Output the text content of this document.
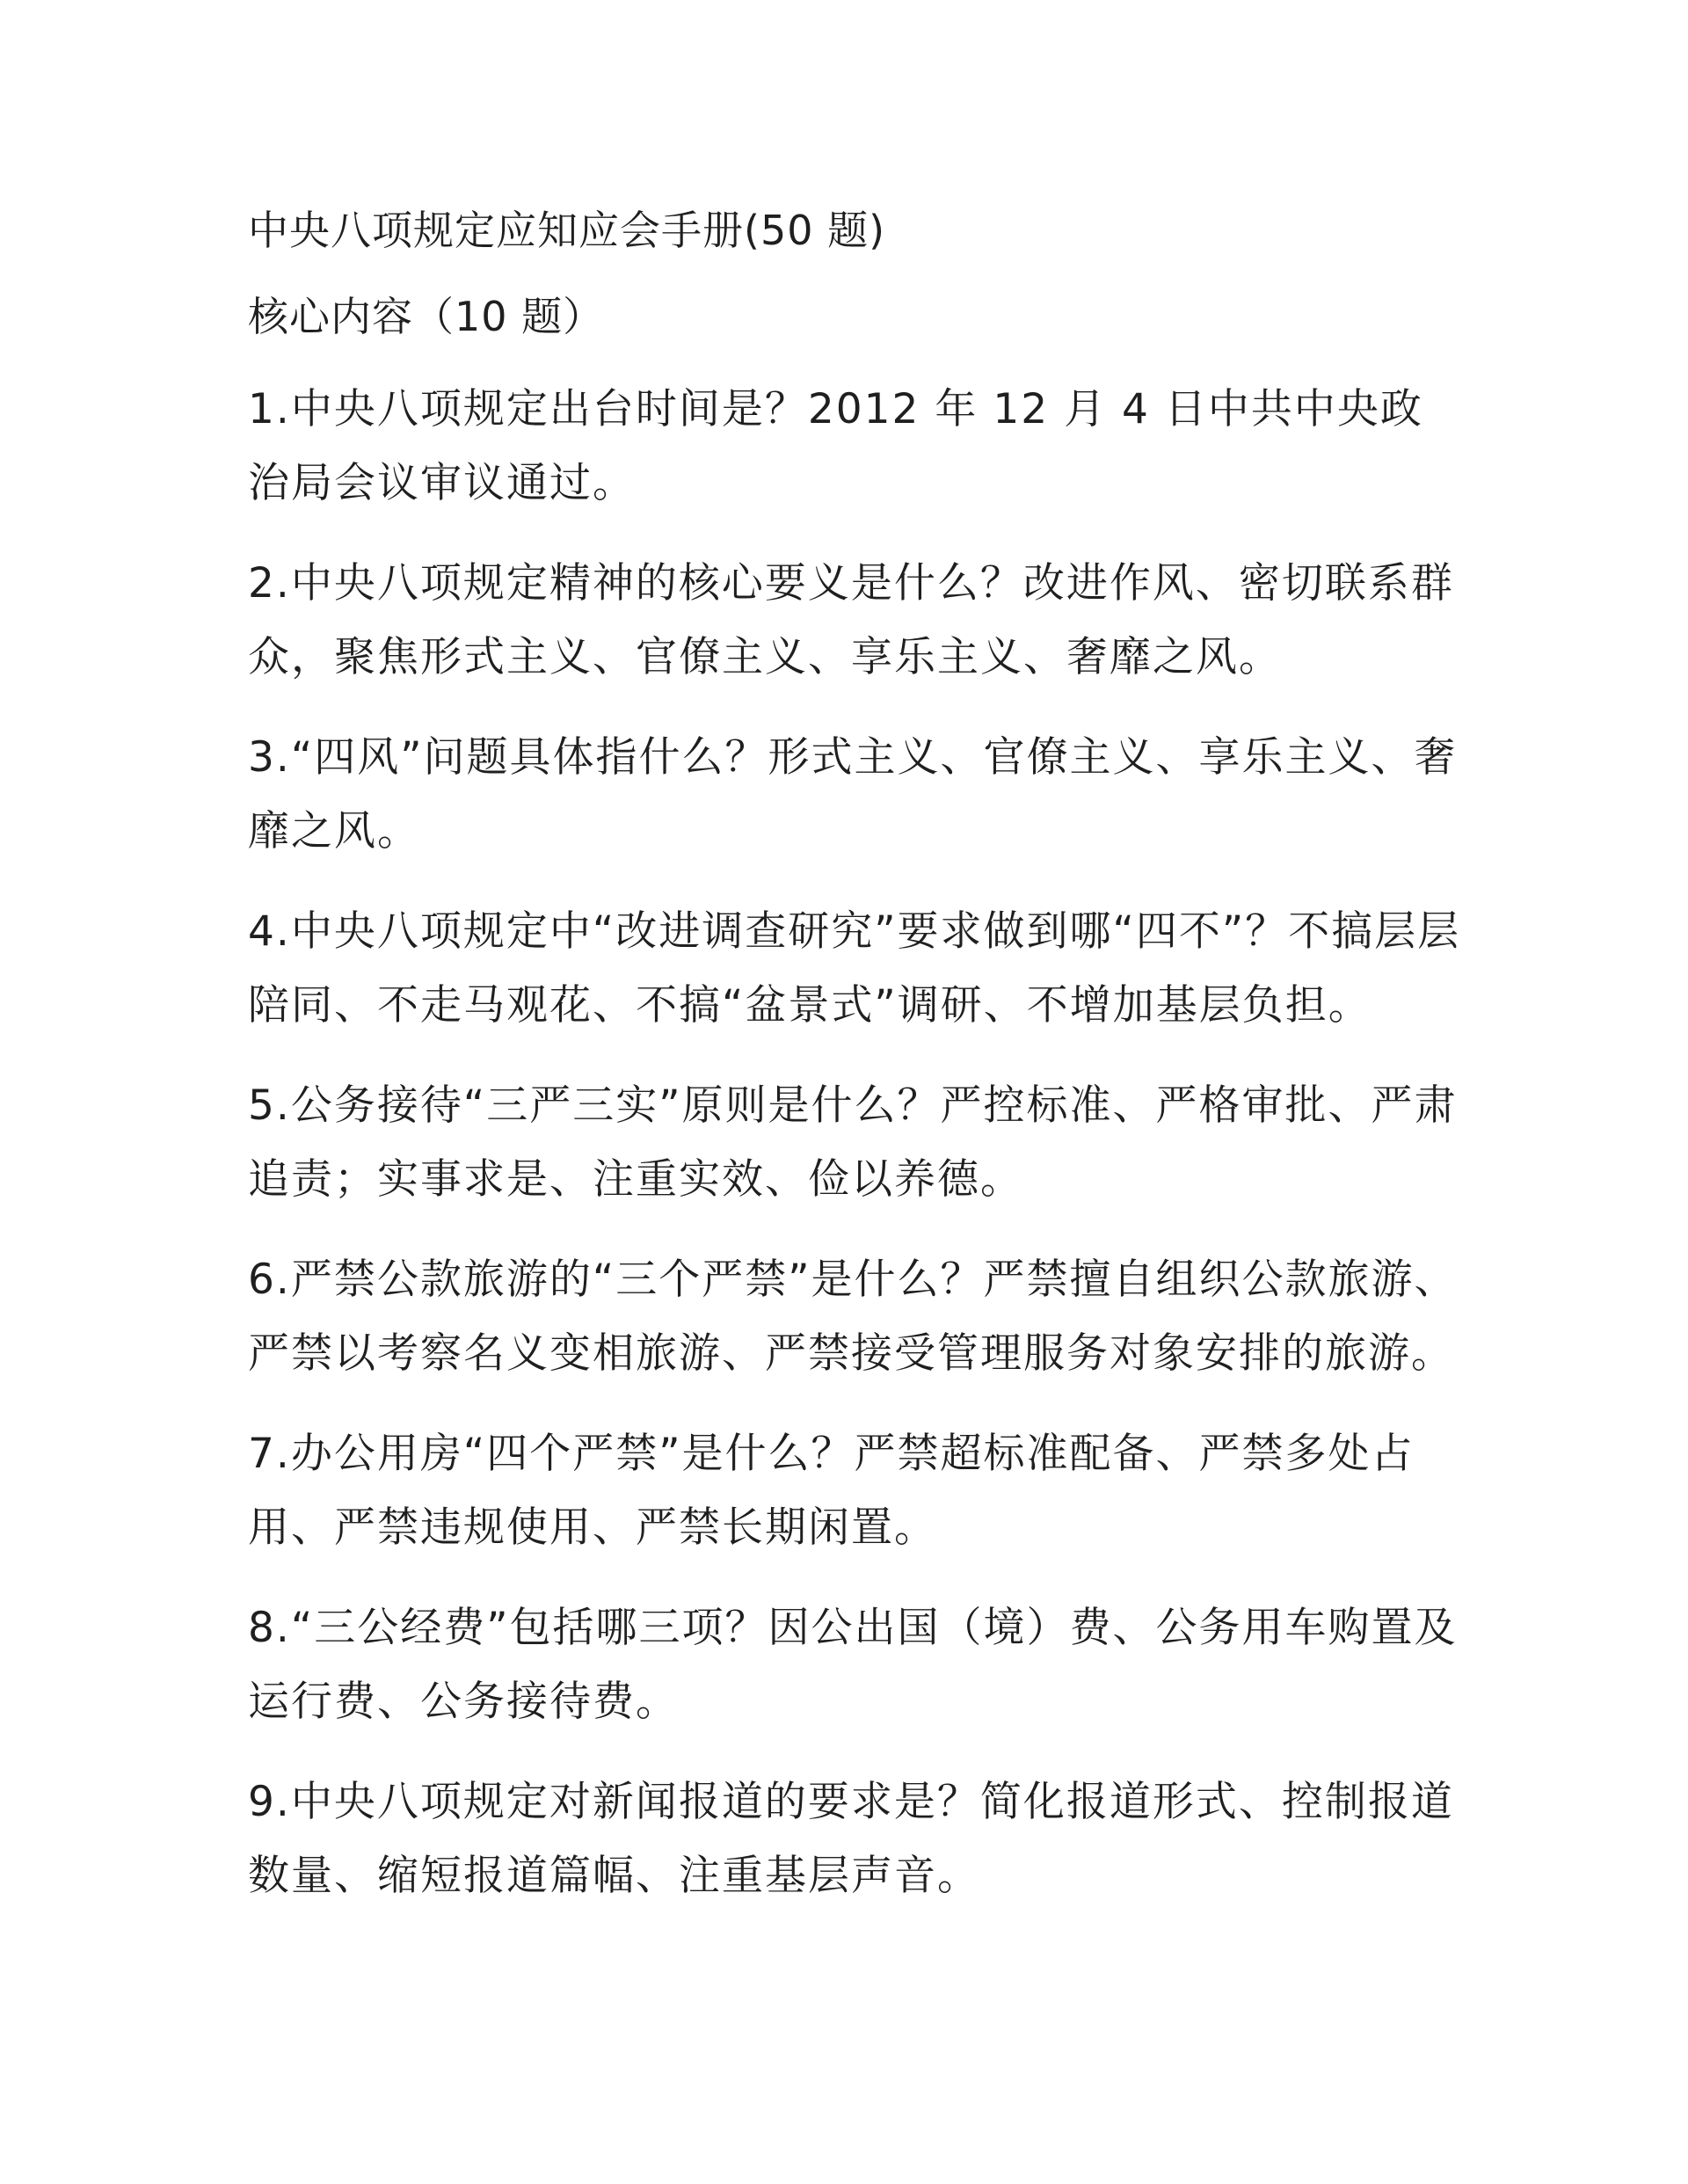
中央八项规定应知应会手册(50 题)
核心内容（10 题）

1.中央八项规定出台时间是？2012 年 12 月 4 日中共中央政治局会议审议通过。

2.中央八项规定精神的核心要义是什么？改进作风、密切联系群众，聚焦形式主义、官僚主义、享乐主义、奢靡之风。

3.“四风”问题具体指什么？形式主义、官僚主义、享乐主义、奢靡之风。

4.中央八项规定中“改进调查研究”要求做到哪“四不”？不搞层层陪同、不走马观花、不搞“盆景式”调研、不增加基层负担。

5.公务接待“三严三实”原则是什么？严控标准、严格审批、严肃追责；实事求是、注重实效、俭以养德。

6.严禁公款旅游的“三个严禁”是什么？严禁擅自组织公款旅游、严禁以考察名义变相旅游、严禁接受管理服务对象安排的旅游。

7.办公用房“四个严禁”是什么？严禁超标准配备、严禁多处占用、严禁违规使用、严禁长期闲置。

8.“三公经费”包括哪三项？因公出国（境）费、公务用车购置及运行费、公务接待费。

9.中央八项规定对新闻报道的要求是？简化报道形式、控制报道数量、缩短报道篇幅、注重基层声音。
